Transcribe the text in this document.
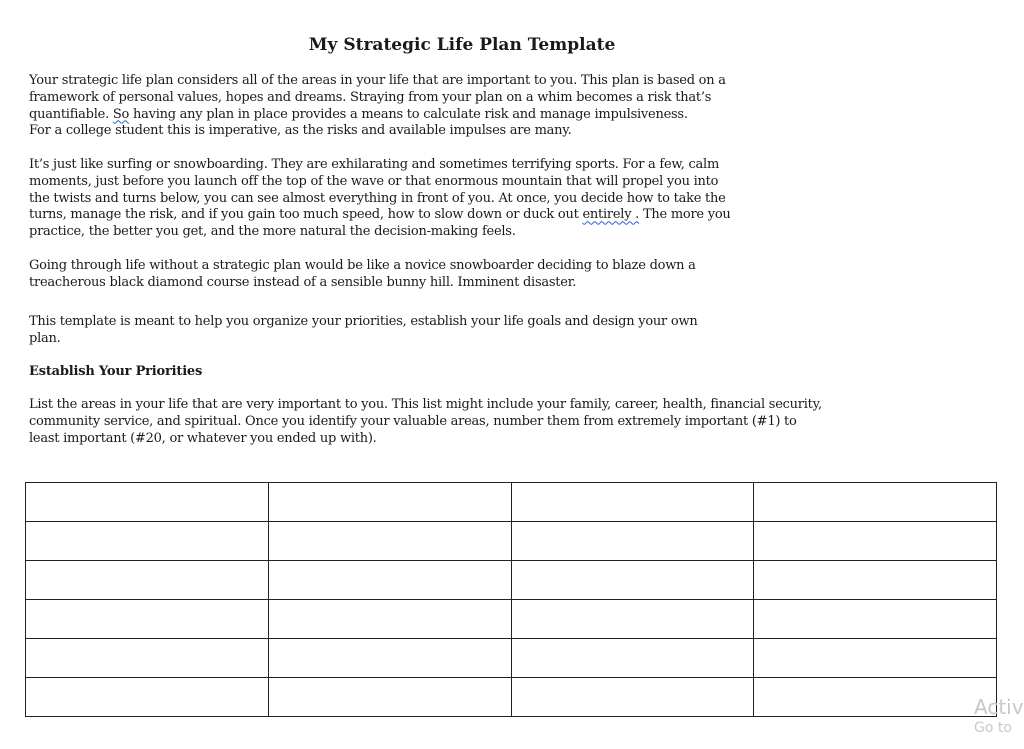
My Strategic Life Plan Template

Your strategic life plan considers all of the areas in your life that are important to you. This plan is based on a
framework of personal values, hopes and dreams. Straying from your plan on a whim becomes a risk that’s
quantifiable. So having any plan in place provides a means to calculate risk and manage impulsiveness.
For a college student this is imperative, as the risks and available impulses are many.

It’s just like surfing or snowboarding. They are exhilarating and sometimes terrifying sports. For a few, calm
moments, just before you launch off the top of the wave or that enormous mountain that will propel you into
the twists and turns below, you can see almost everything in front of you. At once, you decide how to take the
turns, manage the risk, and if you gain too much speed, how to slow down or duck out entirely . The more you
practice, the better you get, and the more natural the decision-making feels.

Going through life without a strategic plan would be like a novice snowboarder deciding to blaze down a
treacherous black diamond course instead of a sensible bunny hill. Imminent disaster.

This template is meant to help you organize your priorities, establish your life goals and design your own
plan.

Establish Your Priorities

List the areas in your life that are very important to you. This list might include your family, career, health, financial security,
community service, and spiritual. Once you identify your valuable areas, number them from extremely important (#1) to
least important (#20, or whatever you ended up with).

Activ
Go to
